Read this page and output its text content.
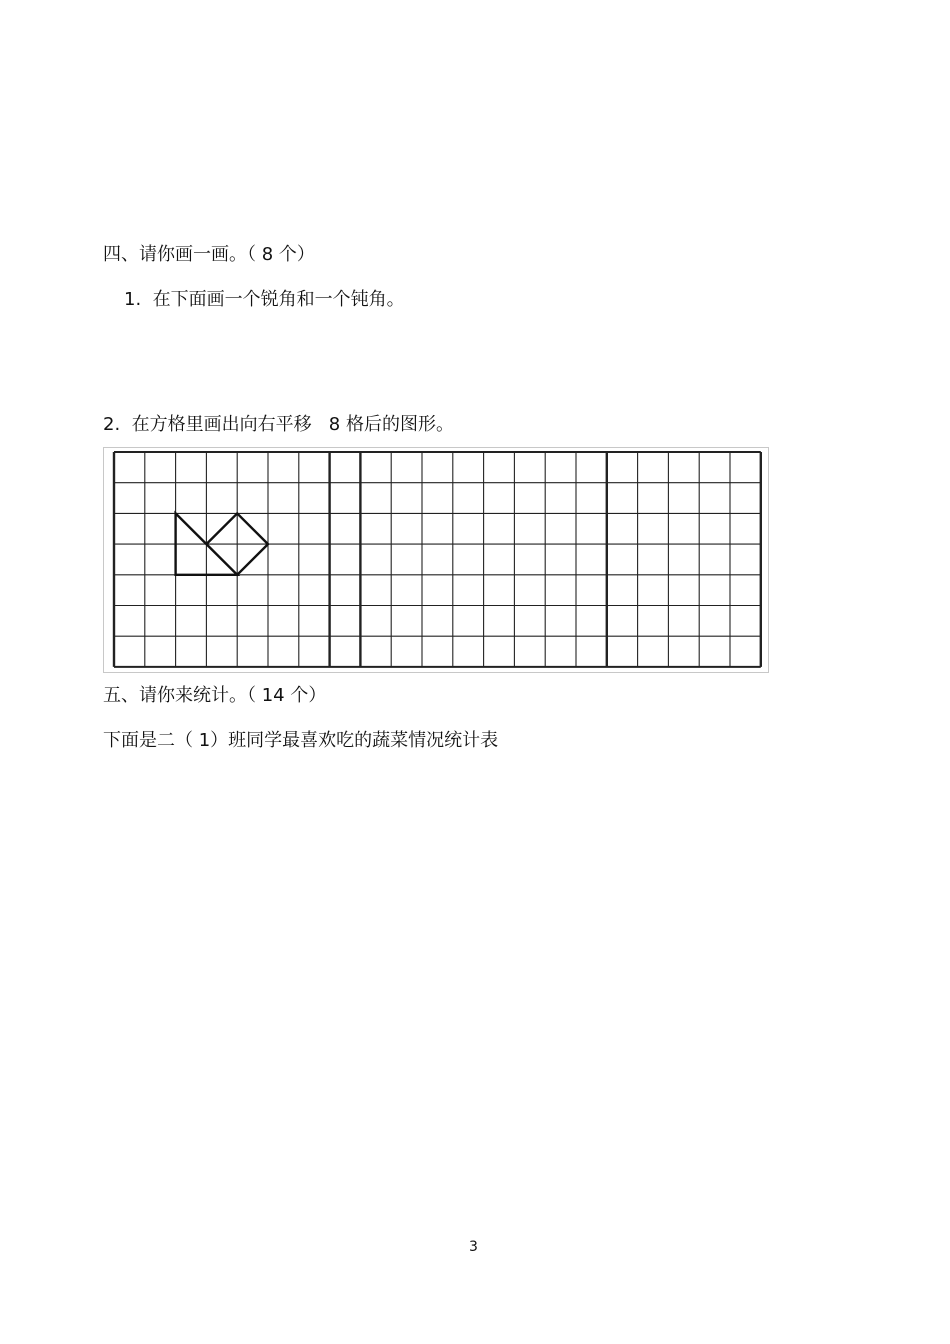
四、请你画一画。（ 8 个）

1.  在下面画一个锐角和一个钝角。

2.  在方格里画出向右平移   8 格后的图形。

五、请你来统计。（ 14 个）

下面是二（ 1）班同学最喜欢吃的蔬菜情况统计表

3
